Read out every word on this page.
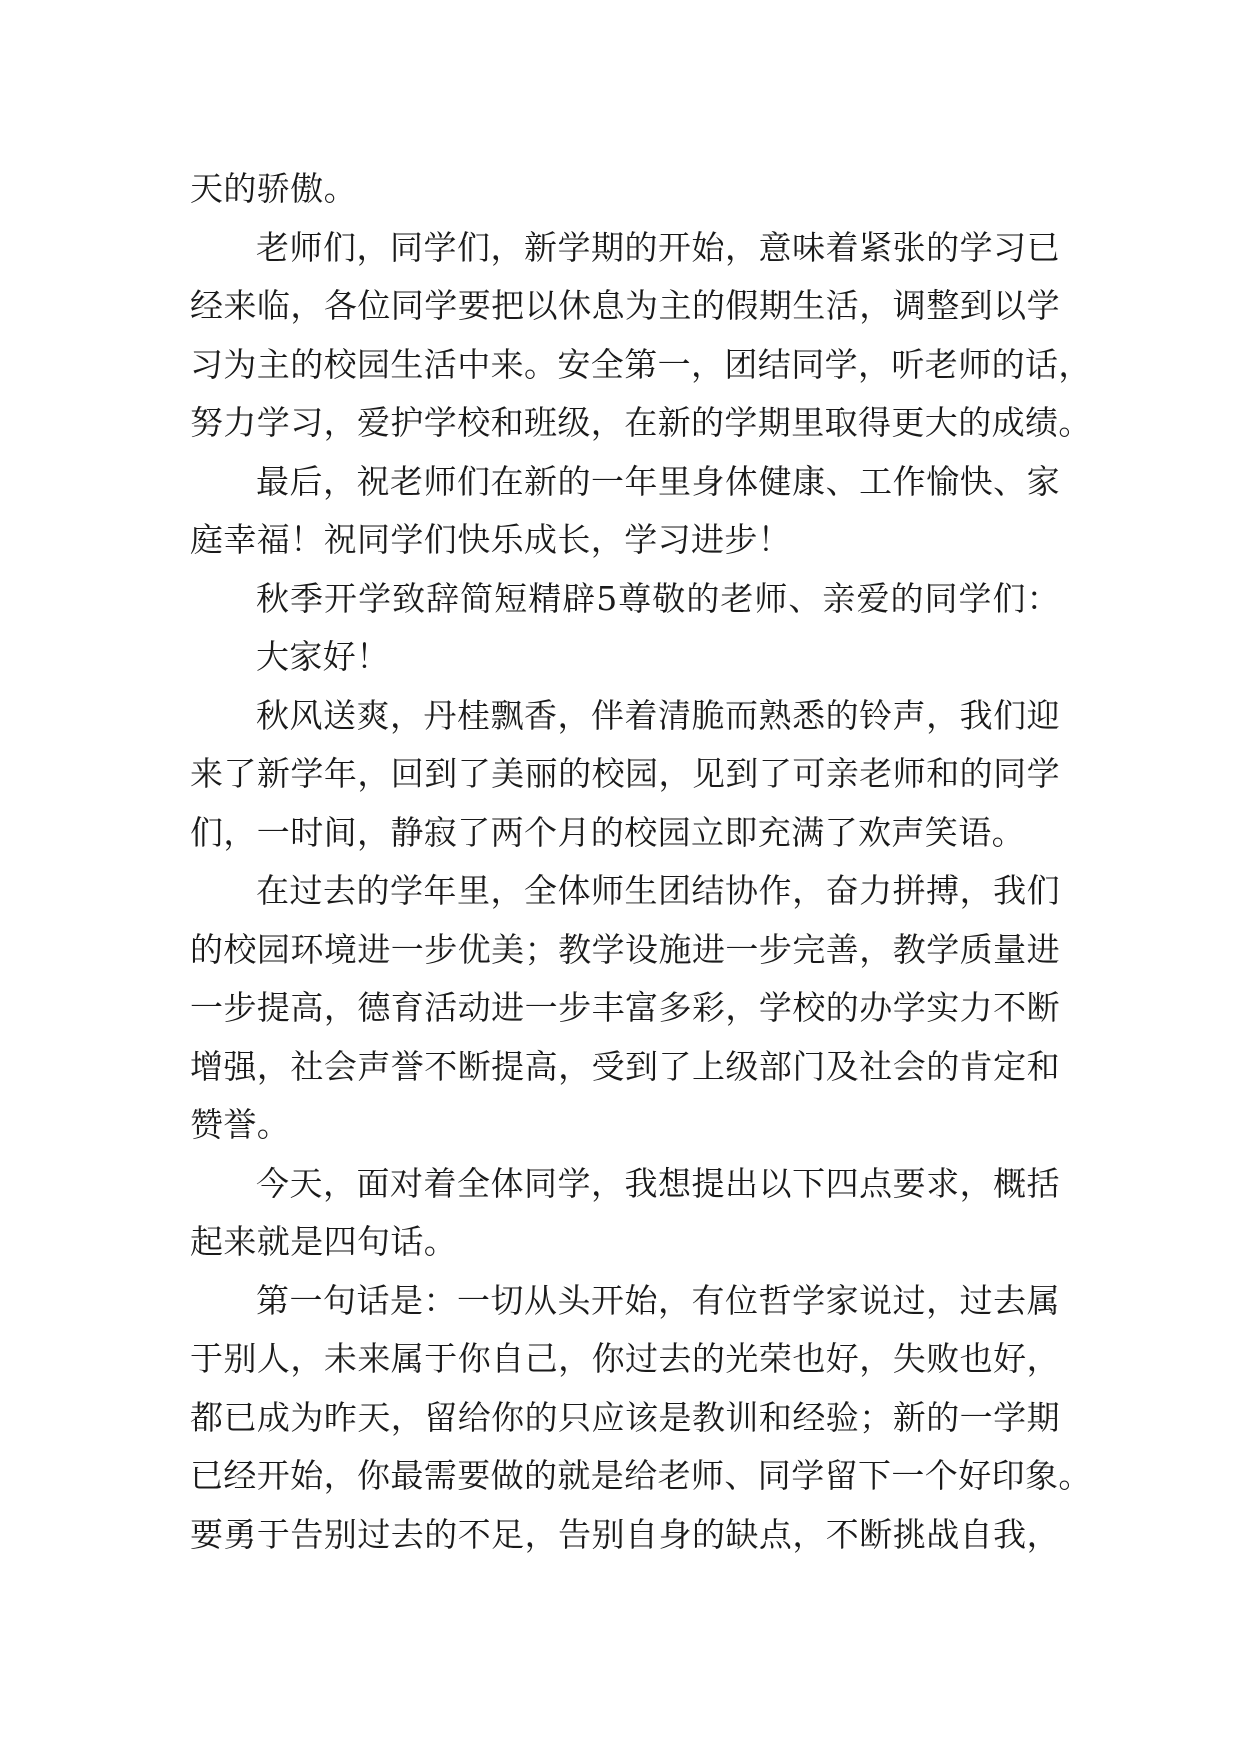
天的骄傲。
老师们，同学们，新学期的开始，意味着紧张的学习已
经来临，各位同学要把以休息为主的假期生活，调整到以学
习为主的校园生活中来。安全第一，团结同学，听老师的话，
努力学习，爱护学校和班级，在新的学期里取得更大的成绩。
最后，祝老师们在新的一年里身体健康、工作愉快、家
庭幸福！祝同学们快乐成长，学习进步！
秋季开学致辞简短精辟5尊敬的老师、亲爱的同学们：
大家好！
秋风送爽，丹桂飘香，伴着清脆而熟悉的铃声，我们迎
来了新学年，回到了美丽的校园，见到了可亲老师和的同学
们，一时间，静寂了两个月的校园立即充满了欢声笑语。
在过去的学年里，全体师生团结协作，奋力拼搏，我们
的校园环境进一步优美；教学设施进一步完善，教学质量进
一步提高，德育活动进一步丰富多彩，学校的办学实力不断
增强，社会声誉不断提高，受到了上级部门及社会的肯定和
赞誉。
今天，面对着全体同学，我想提出以下四点要求，概括
起来就是四句话。
第一句话是：一切从头开始，有位哲学家说过，过去属
于别人，未来属于你自己，你过去的光荣也好，失败也好，
都已成为昨天，留给你的只应该是教训和经验；新的一学期
已经开始，你最需要做的就是给老师、同学留下一个好印象。
要勇于告别过去的不足，告别自身的缺点，不断挑战自我，
